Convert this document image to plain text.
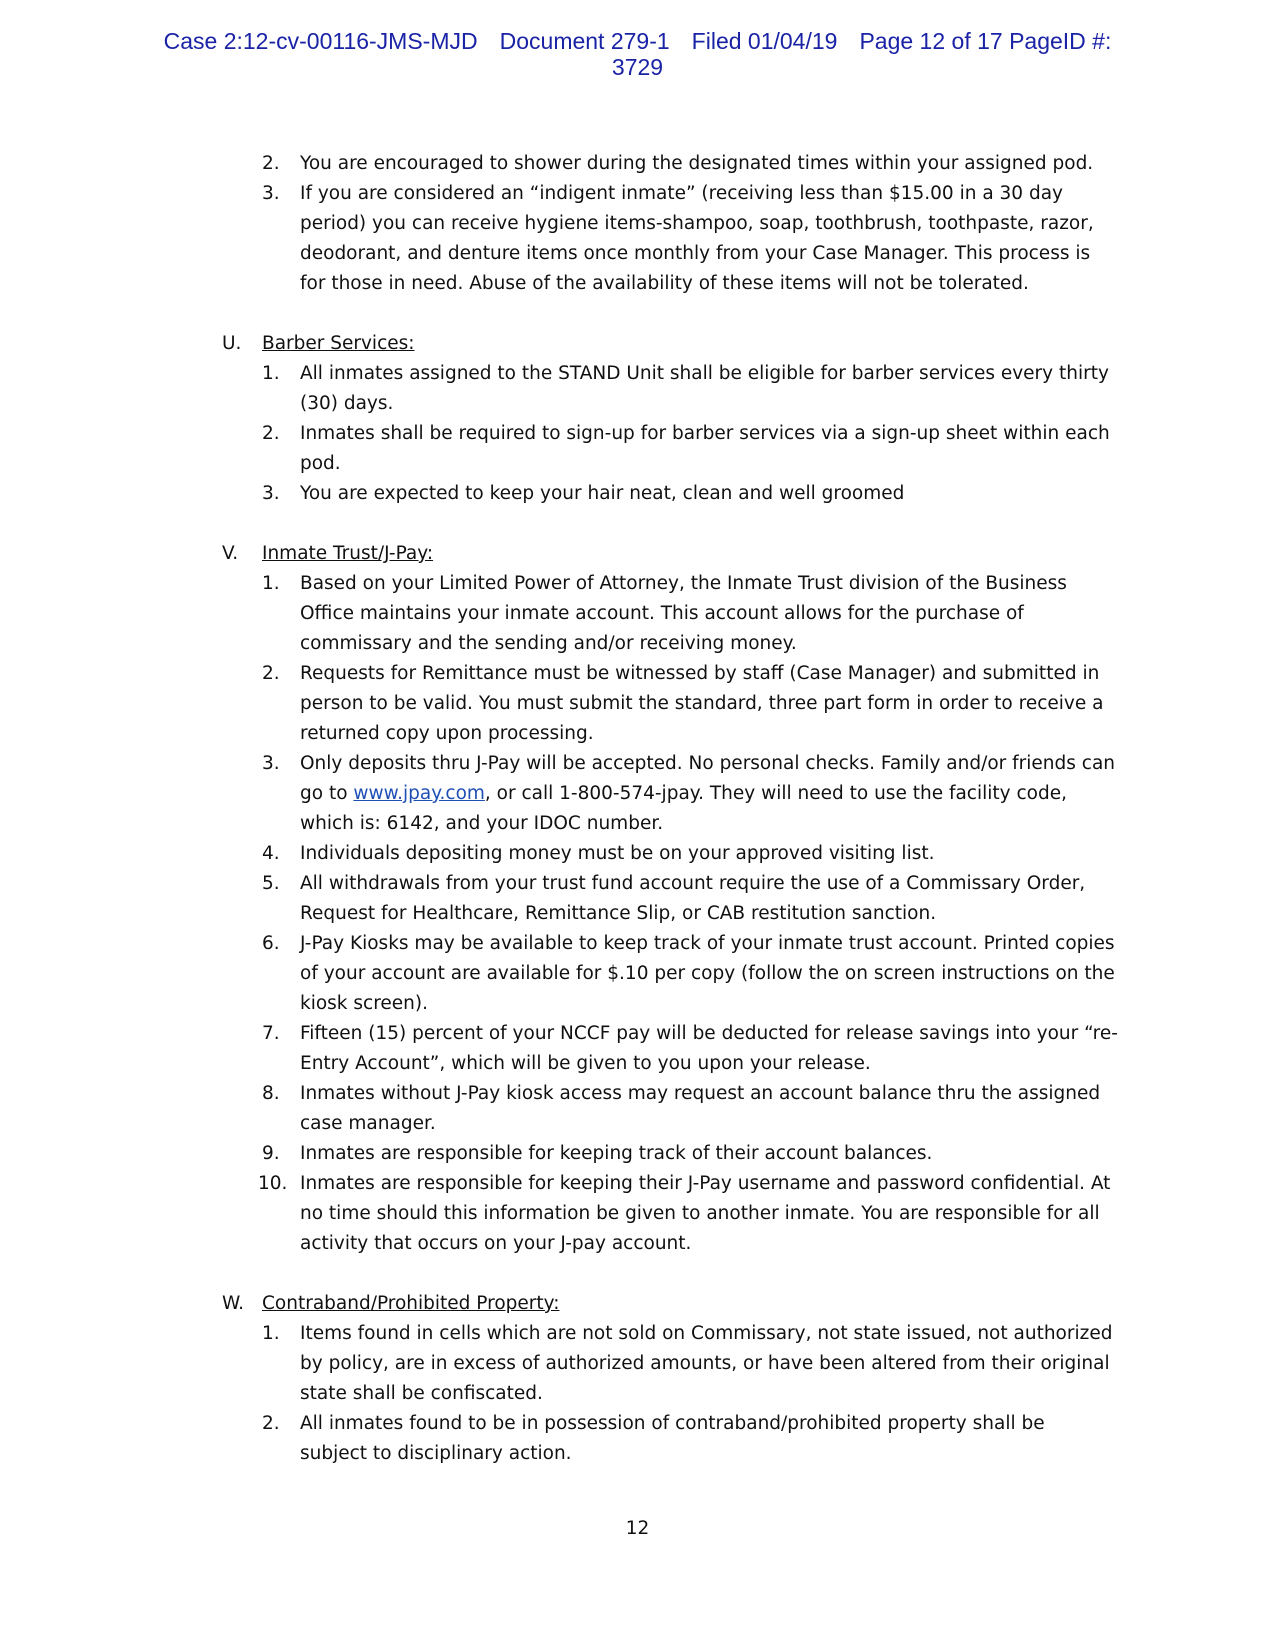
Case 2:12-cv-00116-JMS-MJD Document 279-1 Filed 01/04/19 Page 12 of 17 PageID #:
3729
2. You are encouraged to shower during the designated times within your assigned pod.
3. If you are considered an “indigent inmate” (receiving less than $15.00 in a 30 day
period) you can receive hygiene items-shampoo, soap, toothbrush, toothpaste, razor,
deodorant, and denture items once monthly from your Case Manager. This process is
for those in need. Abuse of the availability of these items will not be tolerated.
U. Barber Services:
1. All inmates assigned to the STAND Unit shall be eligible for barber services every thirty
(30) days.
2. Inmates shall be required to sign-up for barber services via a sign-up sheet within each
pod.
3. You are expected to keep your hair neat, clean and well groomed
V. Inmate Trust/J-Pay:
1. Based on your Limited Power of Attorney, the Inmate Trust division of the Business
Office maintains your inmate account. This account allows for the purchase of
commissary and the sending and/or receiving money.
2. Requests for Remittance must be witnessed by staff (Case Manager) and submitted in
person to be valid. You must submit the standard, three part form in order to receive a
returned copy upon processing.
3. Only deposits thru J-Pay will be accepted. No personal checks. Family and/or friends can
go to www.jpay.com, or call 1-800-574-jpay. They will need to use the facility code,
which is: 6142, and your IDOC number.
4. Individuals depositing money must be on your approved visiting list.
5. All withdrawals from your trust fund account require the use of a Commissary Order,
Request for Healthcare, Remittance Slip, or CAB restitution sanction.
6. J-Pay Kiosks may be available to keep track of your inmate trust account. Printed copies
of your account are available for $.10 per copy (follow the on screen instructions on the
kiosk screen).
7. Fifteen (15) percent of your NCCF pay will be deducted for release savings into your “re-
Entry Account”, which will be given to you upon your release.
8. Inmates without J-Pay kiosk access may request an account balance thru the assigned
case manager.
9. Inmates are responsible for keeping track of their account balances.
10. Inmates are responsible for keeping their J-Pay username and password confidential. At
no time should this information be given to another inmate. You are responsible for all
activity that occurs on your J-pay account.
W. Contraband/Prohibited Property:
1. Items found in cells which are not sold on Commissary, not state issued, not authorized
by policy, are in excess of authorized amounts, or have been altered from their original
state shall be confiscated.
2. All inmates found to be in possession of contraband/prohibited property shall be
subject to disciplinary action.
12
